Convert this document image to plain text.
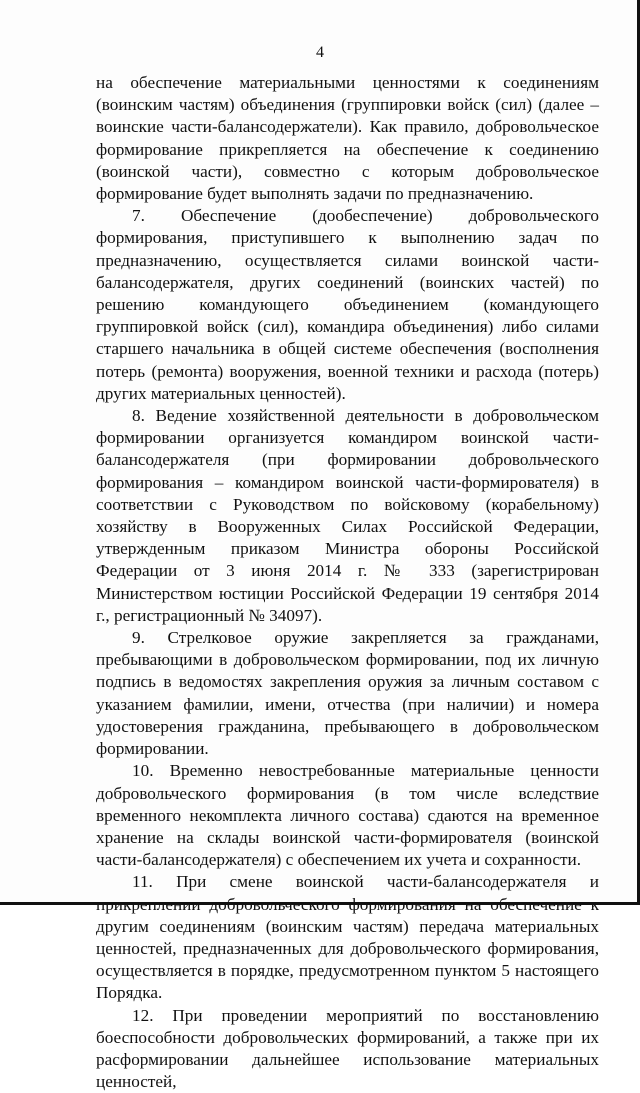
4

на обеспечение материальными ценностями к соединениям (воинским частям) объединения (группировки войск (сил) (далее – воинские части-балансодержатели). Как правило, добровольческое формирование прикрепляется на обеспечение к соединению (воинской части), совместно с которым добровольческое формирование будет выполнять задачи по предназначению.

7. Обеспечение (дообеспечение) добровольческого формирования, приступившего к выполнению задач по предназначению, осуществляется силами воинской части-балансодержателя, других соединений (воинских частей) по решению командующего объединением (командующего группировкой войск (сил), командира объединения) либо силами старшего начальника в общей системе обеспечения (восполнения потерь (ремонта) вооружения, военной техники и расхода (потерь) других материальных ценностей).

8. Ведение хозяйственной деятельности в добровольческом формировании организуется командиром воинской части-балансодержателя (при формировании добровольческого формирования – командиром воинской части-формирователя) в соответствии с Руководством по войсковому (корабельному) хозяйству в Вооруженных Силах Российской Федерации, утвержденным приказом Министра обороны Российской Федерации от 3 июня 2014 г. № 333 (зарегистрирован Министерством юстиции Российской Федерации 19 сентября 2014 г., регистрационный № 34097).

9. Стрелковое оружие закрепляется за гражданами, пребывающими в добровольческом формировании, под их личную подпись в ведомостях закрепления оружия за личным составом с указанием фамилии, имени, отчества (при наличии) и номера удостоверения гражданина, пребывающего в добровольческом формировании.

10. Временно невостребованные материальные ценности добровольческого формирования (в том числе вследствие временного некомплекта личного состава) сдаются на временное хранение на склады воинской части-формирователя (воинской части-балансодержателя) с обеспечением их учета и сохранности.

11. При смене воинской части-балансодержателя и другим соединениям (воинским частям) передача материальных ценностей, предназначенных для добровольческого формирования, осуществляется в порядке, предусмотренном пунктом 5 настоящего Порядка.

12. При проведении мероприятий по восстановлению боеспособности добровольческих формирований, а также при их расформировании дальнейшее использование материальных ценностей,
